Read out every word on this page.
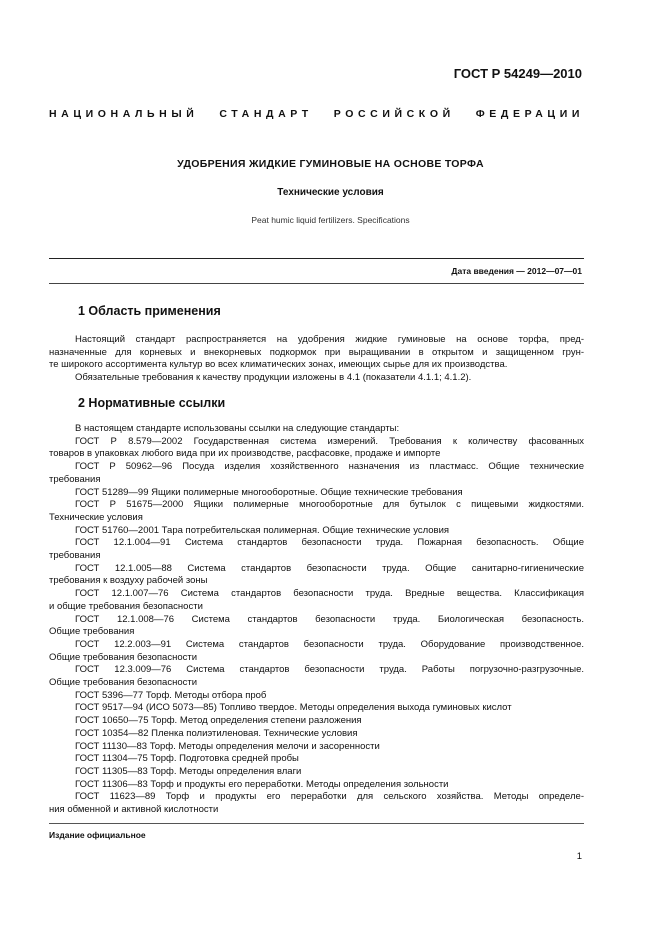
ГОСТ Р 54249—2010
НАЦИОНАЛЬНЫЙ СТАНДАРТ РОССИЙСКОЙ ФЕДЕРАЦИИ
УДОБРЕНИЯ ЖИДКИЕ ГУМИНОВЫЕ НА ОСНОВЕ ТОРФА
Технические условия
Peat humic liquid fertilizers. Specifications
Дата введения — 2012—07—01
1 Область применения

Настоящий стандарт распространяется на удобрения жидкие гуминовые на основе торфа, пред-

назначенные для корневых и внекорневых подкормок при выращивании в открытом и защищенном грун-

те широкого ассортимента культур во всех климатических зонах, имеющих сырье для их производства.

Обязательные требования к качеству продукции изложены в 4.1 (показатели 4.1.1; 4.1.2).

2 Нормативные ссылки

В настоящем стандарте использованы ссылки на следующие стандарты:

ГОСТ Р 8.579—2002 Государственная система измерений. Требования к количеству фасованных

товаров в упаковках любого вида при их производстве, расфасовке, продаже и импорте

ГОСТ Р 50962—96 Посуда изделия хозяйственного назначения из пластмасс. Общие технические

требования

ГОСТ 51289—99 Ящики полимерные многооборотные. Общие технические требования

ГОСТ Р 51675—2000 Ящики полимерные многооборотные для бутылок с пищевыми жидкостями.

Технические условия

ГОСТ 51760—2001 Тара потребительская полимерная. Общие технические условия

ГОСТ 12.1.004—91 Система стандартов безопасности труда. Пожарная безопасность. Общие

требования

ГОСТ 12.1.005—88 Система стандартов безопасности труда. Общие санитарно-гигиенические

требования к воздуху рабочей зоны

ГОСТ 12.1.007—76 Система стандартов безопасности труда. Вредные вещества. Классификация

и общие требования безопасности

ГОСТ 12.1.008—76 Система стандартов безопасности труда. Биологическая безопасность.

Общие требования

ГОСТ 12.2.003—91 Система стандартов безопасности труда. Оборудование производственное.

Общие требования безопасности

ГОСТ 12.3.009—76 Система стандартов безопасности труда. Работы погрузочно-разгрузочные.

Общие требования безопасности

ГОСТ 5396—77 Торф. Методы отбора проб

ГОСТ 9517—94 (ИСО 5073—85) Топливо твердое. Методы определения выхода гуминовых кислот

ГОСТ 10650—75 Торф. Метод определения степени разложения

ГОСТ 10354—82 Пленка полиэтиленовая. Технические условия

ГОСТ 11130—83 Торф. Методы определения мелочи и засоренности

ГОСТ 11304—75 Торф. Подготовка средней пробы

ГОСТ 11305—83 Торф. Методы определения влаги

ГОСТ 11306—83 Торф и продукты его переработки. Методы определения зольности

ГОСТ 11623—89 Торф и продукты его переработки для сельского хозяйства. Методы определе-

ния обменной и активной кислотности

Издание официальное
1
